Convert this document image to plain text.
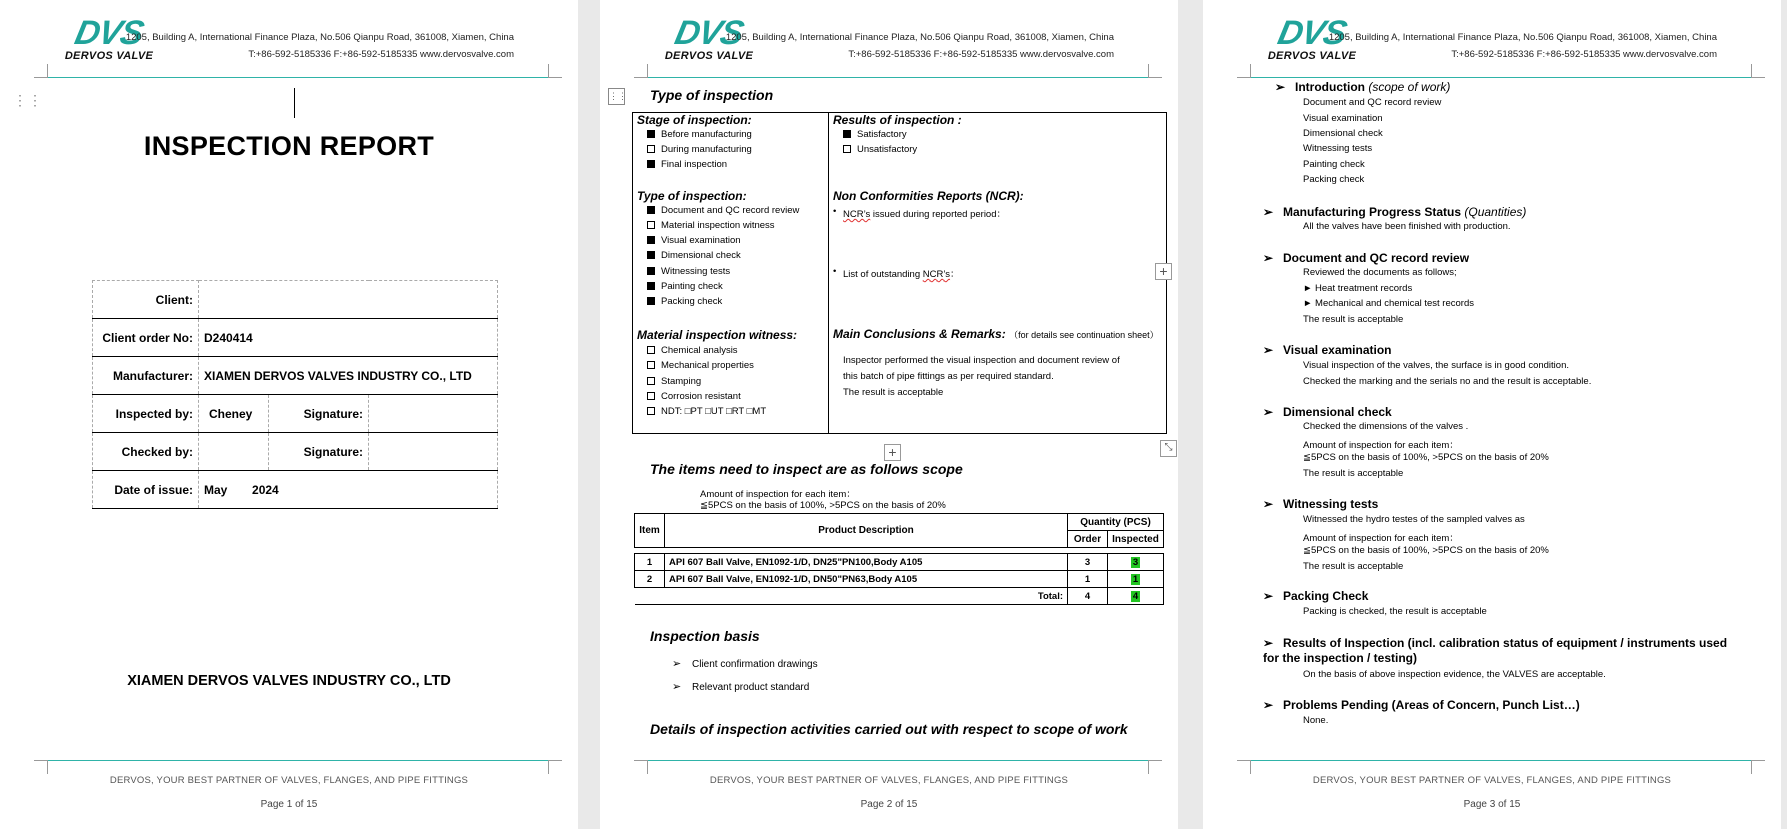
DVS
DERVOS VALVE
1205, Building A, International Finance Plaza, No.506 Qianpu Road, 361008, Xiamen, China
T:+86-592-5185336 F:+86-592-5185335 www.dervosvalve.com
⋮⋮
INSPECTION REPORT
Client:			
Client order No:	D240414		
Manufacturer:	XIAMEN DERVOS VALVES INDUSTRY CO., LTD		
Inspected by:	Cheney	Signature:	
Checked by:		Signature:	
Date of issue:	May 2024		
XIAMEN DERVOS VALVES INDUSTRY CO., LTD
DERVOS, YOUR BEST PARTNER OF VALVES, FLANGES, AND PIPE FITTINGS
Page 1 of 15
DVS
DERVOS VALVE
1205, Building A, International Finance Plaza, No.506 Qianpu Road, 361008, Xiamen, China
T:+86-592-5185336 F:+86-592-5185335 www.dervosvalve.com
⋮⋮ Type of inspection
Stage of inspection:
Before manufacturing
During manufacturing
Final inspection
Type of inspection:
Document and QC record review
Material inspection witness
Visual examination
Dimensional check
Witnessing tests
Painting check
Packing check
Material inspection witness:
Chemical analysis
Mechanical properties
Stamping
Corrosion resistant
NDT: □PT □UT □RT □MT
Results of inspection :
Satisfactory
Unsatisfactory
Non Conformities Reports (NCR):
• NCR’s issued during reported period：
• List of outstanding NCR’s：
Main Conclusions & Remarks: （for details see continuation sheet）
Inspector performed the visual inspection and document review of
this batch of pipe fittings as per required standard.
The result is acceptable
+
+	⤡
The items need to inspect are as follows scope
Amount of inspection for each item：
≦5PCS on the basis of 100%, >5PCS on the basis of 20%
Item	Product Description	Quantity (PCS)	
		Order	Inspected

1	API 607 Ball Valve, EN1092-1/D, DN25"PN100,Body A105	3	3
2	API 607 Ball Valve, EN1092-1/D, DN50"PN63,Body A105	1	1
Total:		4	4
Inspection basis
➢ Client confirmation drawings
➢ Relevant product standard
Details of inspection activities carried out with respect to scope of work
DERVOS, YOUR BEST PARTNER OF VALVES, FLANGES, AND PIPE FITTINGS
Page 2 of 15
DVS
DERVOS VALVE
1205, Building A, International Finance Plaza, No.506 Qianpu Road, 361008, Xiamen, China
T:+86-592-5185336 F:+86-592-5185335 www.dervosvalve.com
➢ Introduction (scope of work)
Document and QC record review
Visual examination
Dimensional check
Witnessing tests
Painting check
Packing check
➢ Manufacturing Progress Status (Quantities)
All the valves have been finished with production.
➢ Document and QC record review
Reviewed the documents as follows;
► Heat treatment records
► Mechanical and chemical test records
The result is acceptable
➢ Visual examination
Visual inspection of the valves, the surface is in good condition.
Checked the marking and the serials no and the result is acceptable.
➢ Dimensional check
Checked the dimensions of the valves .
Amount of inspection for each item：
≦5PCS on the basis of 100%, >5PCS on the basis of 20%
The result is acceptable
➢ Witnessing tests
Witnessed the hydro testes of the sampled valves as
Amount of inspection for each item：
≦5PCS on the basis of 100%, >5PCS on the basis of 20%
The result is acceptable
➢ Packing Check
Packing is checked, the result is acceptable
➢ Results of Inspection (incl. calibration status of equipment / instruments used for the inspection / testing)
On the basis of above inspection evidence, the VALVES are acceptable.
➢ Problems Pending (Areas of Concern, Punch List…)
None.
DERVOS, YOUR BEST PARTNER OF VALVES, FLANGES, AND PIPE FITTINGS
Page 3 of 15
